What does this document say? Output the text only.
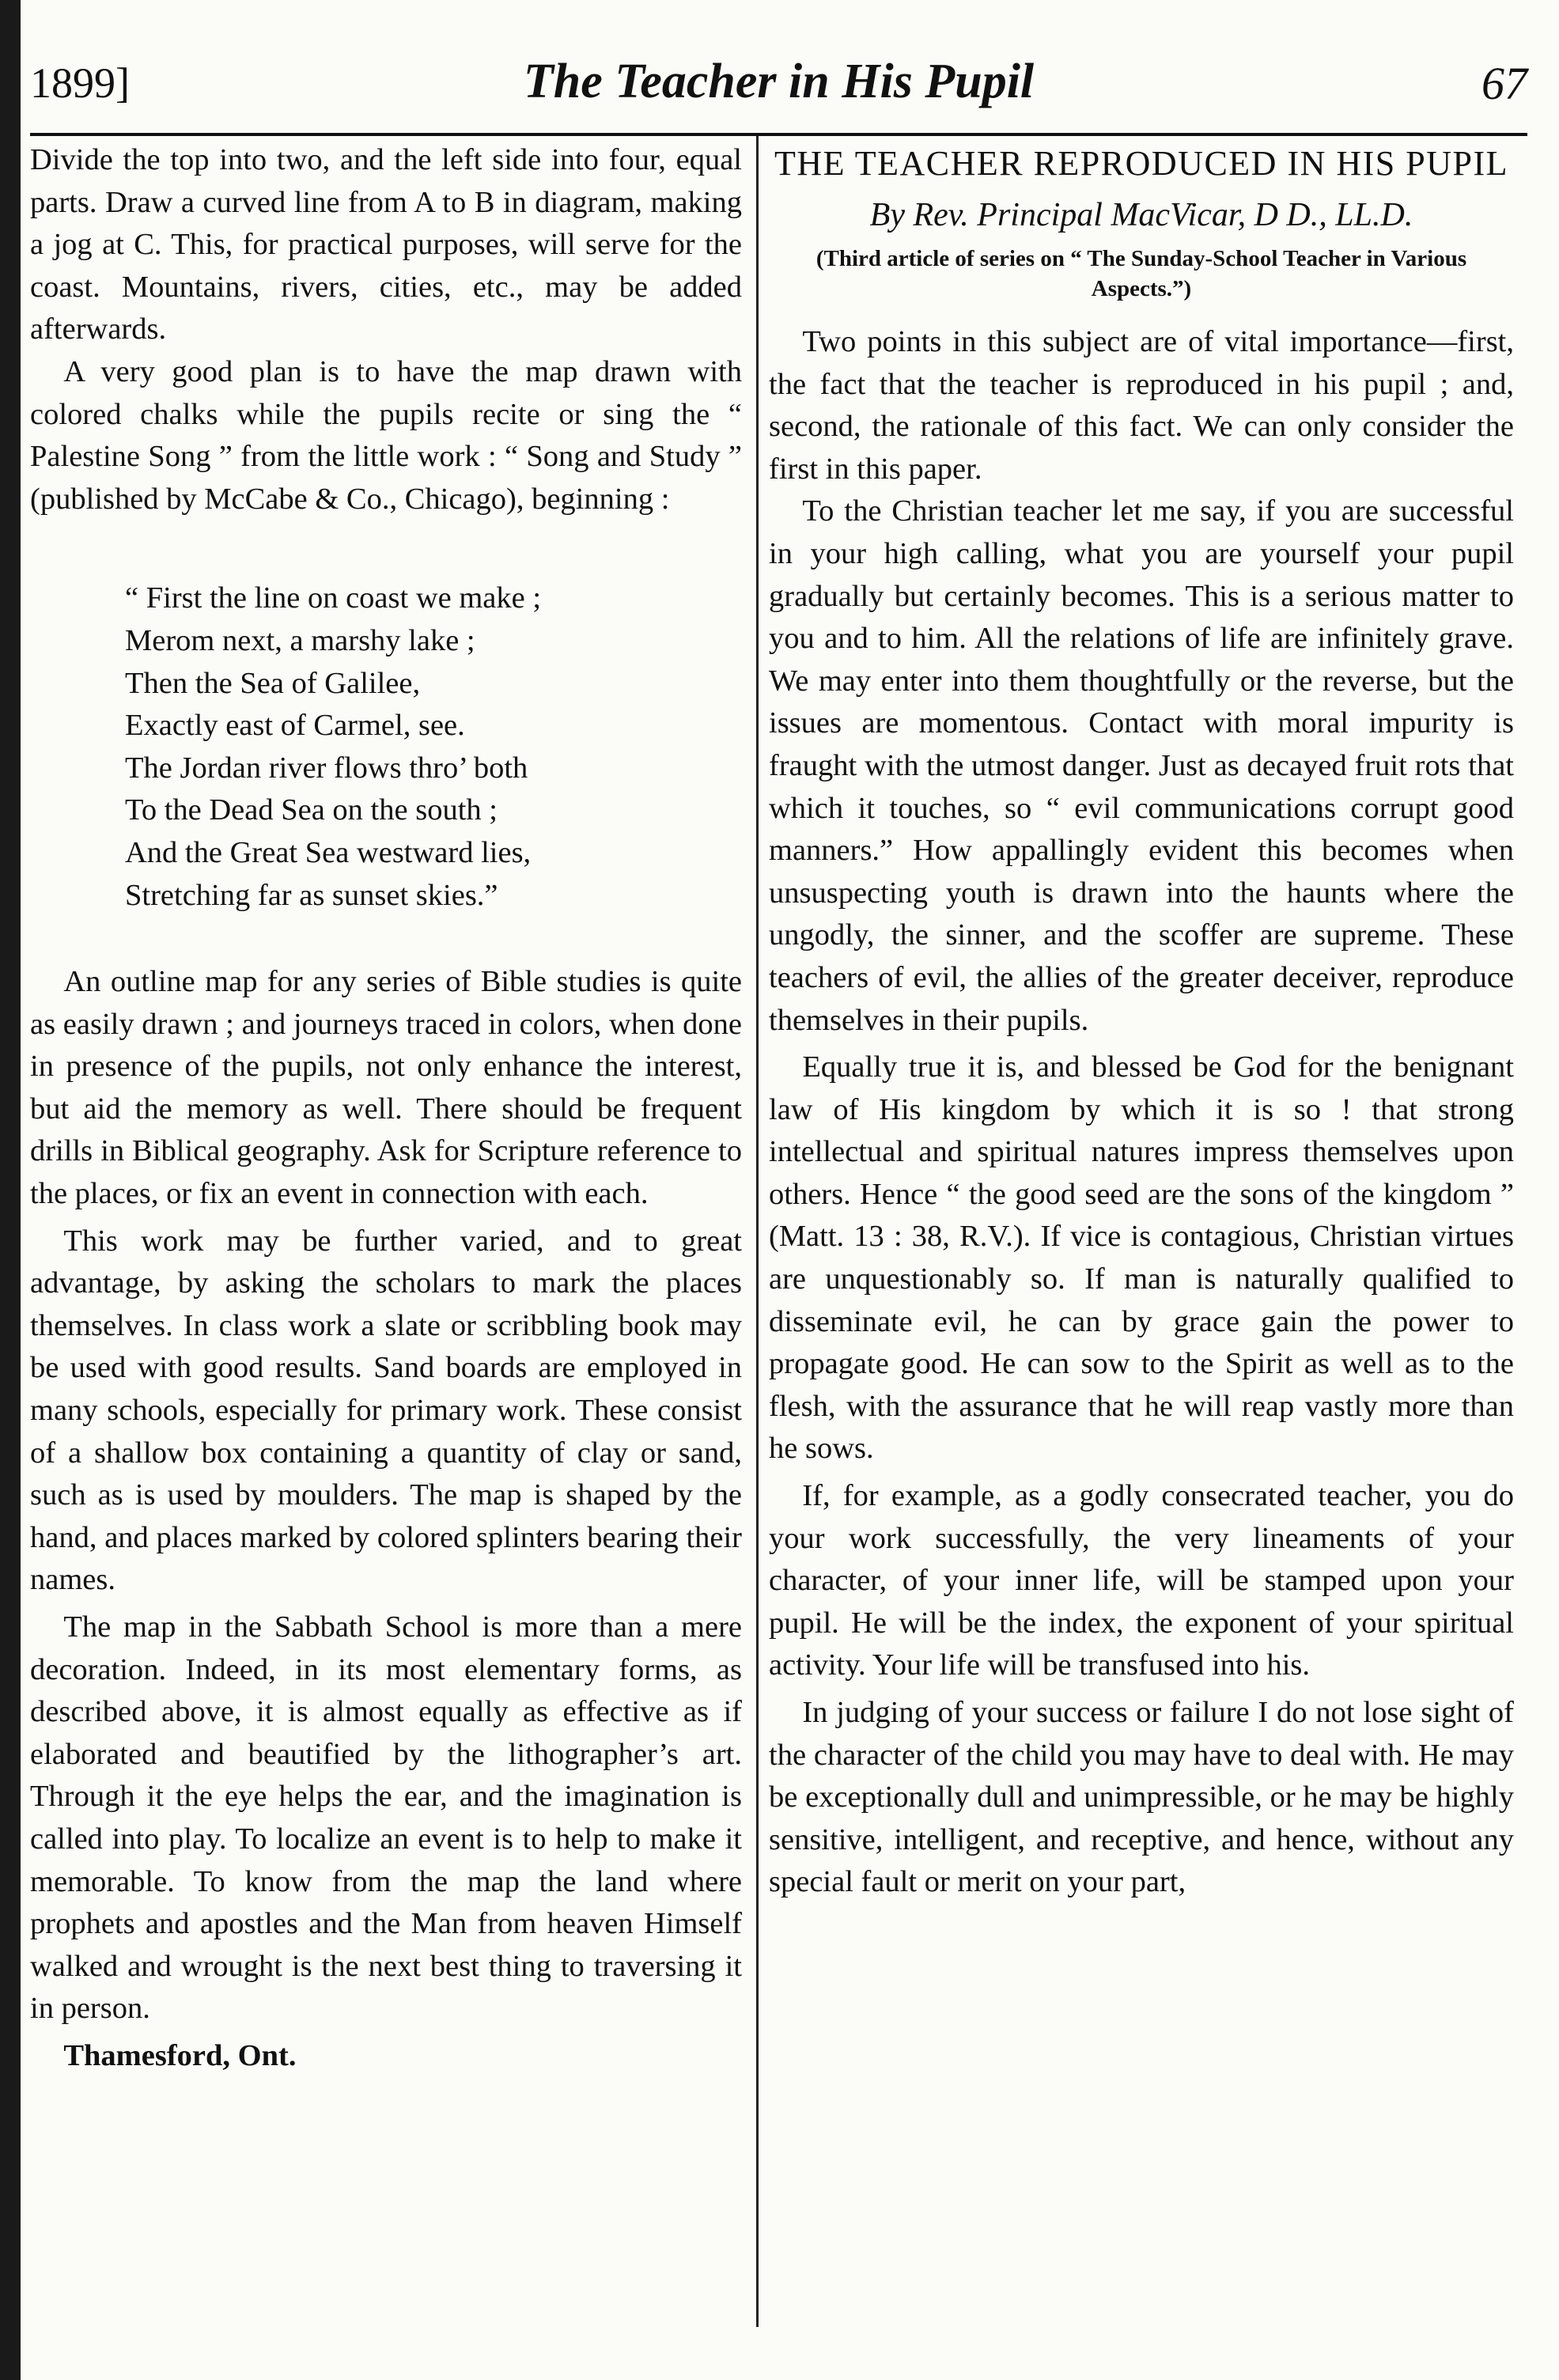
1899]	The Teacher in His Pupil	67

Divide the top into two, and the left side into four, equal parts. Draw a curved line from A to B in diagram, making a jog at C. This, for practical purposes, will serve for the coast. Mountains, rivers, cities, etc., may be added afterwards.

A very good plan is to have the map drawn with colored chalks while the pupils recite or sing the “ Palestine Song ” from the little work : “ Song and Study ” (published by McCabe & Co., Chicago), beginning :

“ First the line on coast we make ;
Merom next, a marshy lake ;
Then the Sea of Galilee,
Exactly east of Carmel, see.
The Jordan river flows thro’ both
To the Dead Sea on the south ;
And the Great Sea westward lies,
Stretching far as sunset skies.”

An outline map for any series of Bible studies is quite as easily drawn ; and journeys traced in colors, when done in presence of the pupils, not only enhance the interest, but aid the memory as well. There should be frequent drills in Biblical geography. Ask for Scripture reference to the places, or fix an event in connection with each.

This work may be further varied, and to great advantage, by asking the scholars to mark the places themselves. In class work a slate or scribbling book may be used with good results. Sand boards are employed in many schools, especially for primary work. These consist of a shallow box containing a quantity of clay or sand, such as is used by moulders. The map is shaped by the hand, and places marked by colored splinters bearing their names.

The map in the Sabbath School is more than a mere decoration. Indeed, in its most elementary forms, as described above, it is almost equally as effective as if elaborated and beautified by the lithographer’s art. Through it the eye helps the ear, and the imagination is called into play. To localize an event is to help to make it memorable. To know from the map the land where prophets and apostles and the Man from heaven Himself walked and wrought is the next best thing to traversing it in person.

Thamesford, Ont.

THE TEACHER REPRODUCED IN HIS PUPIL
By Rev. Principal MacVicar, D D., LL.D.
(Third article of series on “ The Sunday-School Teacher in Various Aspects.”)

Two points in this subject are of vital importance—first, the fact that the teacher is reproduced in his pupil ; and, second, the rationale of this fact. We can only consider the first in this paper.

To the Christian teacher let me say, if you are successful in your high calling, what you are yourself your pupil gradually but certainly becomes. This is a serious matter to you and to him. All the relations of life are infinitely grave. We may enter into them thoughtfully or the reverse, but the issues are momentous. Contact with moral impurity is fraught with the utmost danger. Just as decayed fruit rots that which it touches, so “ evil communications corrupt good manners.” How appallingly evident this becomes when unsuspecting youth is drawn into the haunts where the ungodly, the sinner, and the scoffer are supreme. These teachers of evil, the allies of the greater deceiver, reproduce themselves in their pupils.

Equally true it is, and blessed be God for the benignant law of His kingdom by which it is so ! that strong intellectual and spiritual natures impress themselves upon others. Hence “ the good seed are the sons of the kingdom ” (Matt. 13 : 38, R.V.). If vice is contagious, Christian virtues are unquestionably so. If man is naturally qualified to disseminate evil, he can by grace gain the power to propagate good. He can sow to the Spirit as well as to the flesh, with the assurance that he will reap vastly more than he sows.

If, for example, as a godly consecrated teacher, you do your work successfully, the very lineaments of your character, of your inner life, will be stamped upon your pupil. He will be the index, the exponent of your spiritual activity. Your life will be transfused into his.

In judging of your success or failure I do not lose sight of the character of the child you may have to deal with. He may be exceptionally dull and unimpressible, or he may be highly sensitive, intelligent, and receptive, and hence, without any special fault or merit on your part,
